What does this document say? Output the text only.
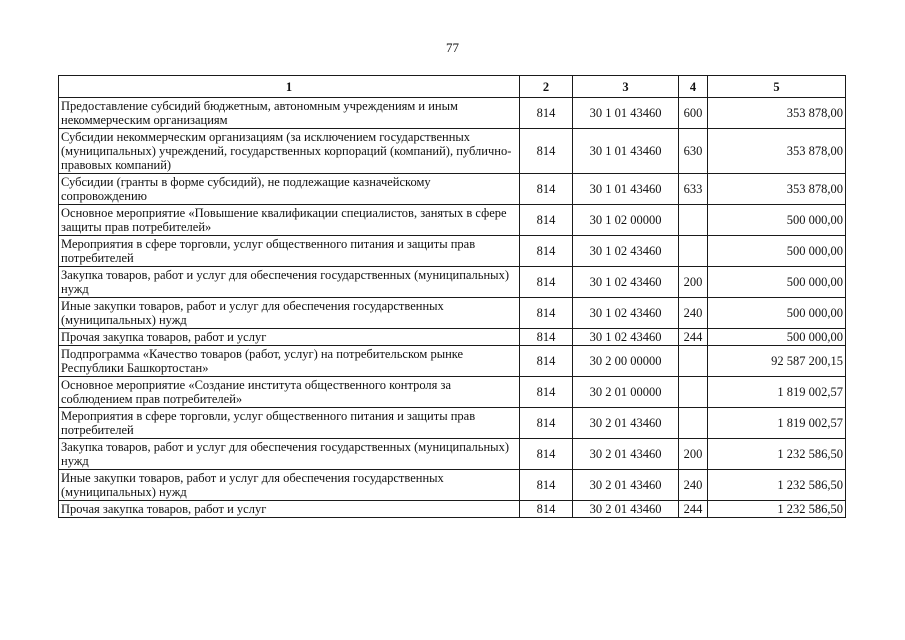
77
1	2	3	4	5
Предоставление субсидий бюджетным, автономным учреждениям и иным некоммерческим организациям	814	30 1 01 43460	600	353 878,00
Субсидии некоммерческим организациям (за исключением государственных (муниципальных) учреждений, государственных корпораций (компаний), публично-правовых компаний)	814	30 1 01 43460	630	353 878,00
Субсидии (гранты в форме субсидий), не подлежащие казначейскому сопровождению	814	30 1 01 43460	633	353 878,00
Основное мероприятие «Повышение квалификации специалистов, занятых в сфере защиты прав потребителей»	814	30 1 02 00000		500 000,00
Мероприятия в сфере торговли, услуг общественного питания и защиты прав потребителей	814	30 1 02 43460		500 000,00
Закупка товаров, работ и услуг для обеспечения государственных (муниципальных) нужд	814	30 1 02 43460	200	500 000,00
Иные закупки товаров, работ и услуг для обеспечения государственных (муниципальных) нужд	814	30 1 02 43460	240	500 000,00
Прочая закупка товаров, работ и услуг	814	30 1 02 43460	244	500 000,00
Подпрограмма «Качество товаров (работ, услуг) на потребительском рынке Республики Башкортостан»	814	30 2 00 00000		92 587 200,15
Основное мероприятие «Создание института общественного контроля за соблюдением прав потребителей»	814	30 2 01 00000		1 819 002,57
Мероприятия в сфере торговли, услуг общественного питания и защиты прав потребителей	814	30 2 01 43460		1 819 002,57
Закупка товаров, работ и услуг для обеспечения государственных (муниципальных) нужд	814	30 2 01 43460	200	1 232 586,50
Иные закупки товаров, работ и услуг для обеспечения государственных (муниципальных) нужд	814	30 2 01 43460	240	1 232 586,50
Прочая закупка товаров, работ и услуг	814	30 2 01 43460	244	1 232 586,50
